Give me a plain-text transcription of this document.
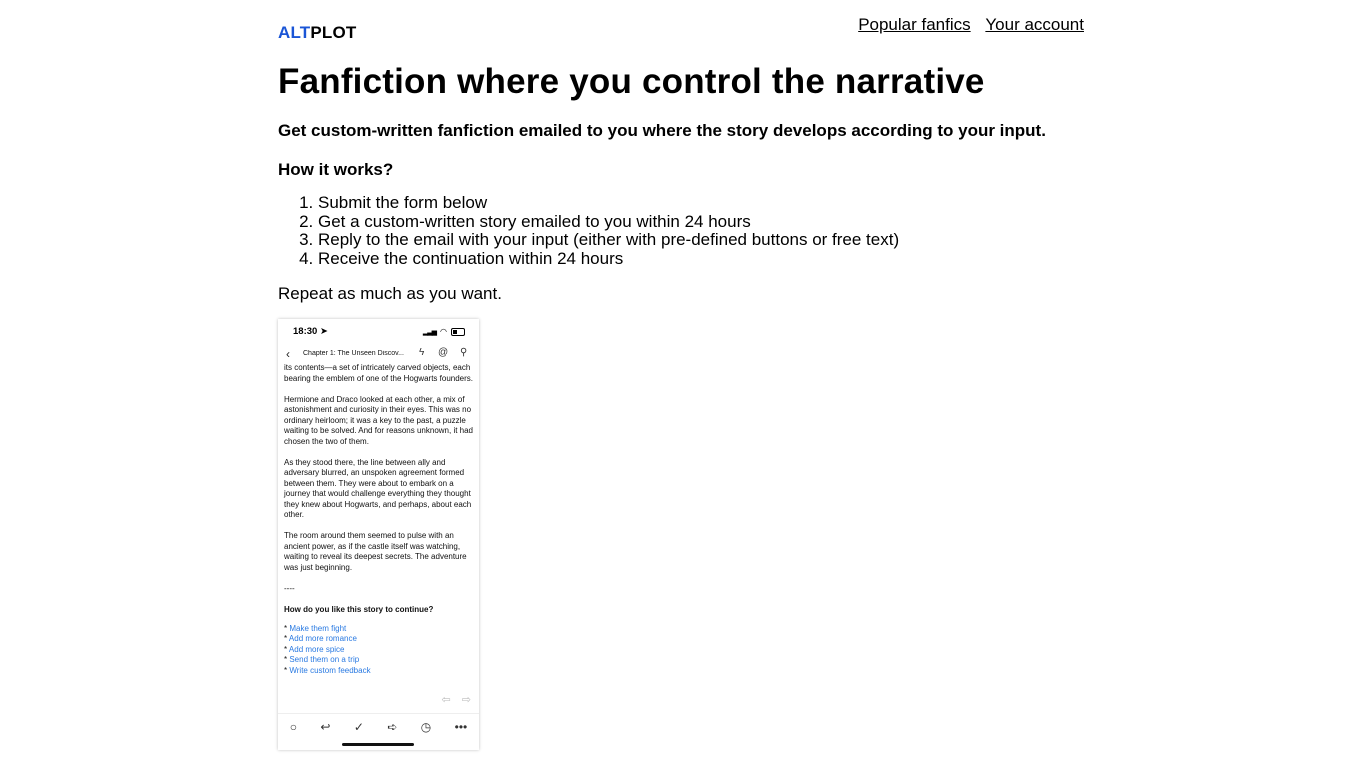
ALTPLOT	Popular fanfics Your account
Fanfiction where you control the narrative

Get custom-written fanfiction emailed to you where the story develops according to your input.

How it works?

1. Submit the form below
2. Get a custom-written story emailed to you within 24 hours
3. Reply to the email with your input (either with pre-defined buttons or free text)
4. Receive the continuation within 24 hours

Repeat as much as you want.

18:30 ➤	▂▃▅ ◠
‹ Chapter 1: The Unseen Discov...	ϟ @ ⚲

its contents—a set of intricately carved objects, each bearing the emblem of one of the Hogwarts founders.

Hermione and Draco looked at each other, a mix of astonishment and curiosity in their eyes. This was no ordinary heirloom; it was a key to the past, a puzzle waiting to be solved. And for reasons unknown, it had chosen the two of them.

As they stood there, the line between ally and adversary blurred, an unspoken agreement formed between them. They were about to embark on a journey that would challenge everything they thought they knew about Hogwarts, and perhaps, about each other.

The room around them seemed to pulse with an ancient power, as if the castle itself was watching, waiting to reveal its deepest secrets. The adventure was just beginning.

----

How do you like this story to continue?

* Make them fight
* Add more romance
* Add more spice
* Send them on a trip
* Write custom feedback
⇦ ⇨
○ ↩ ✓ ➪ ◷ •••
